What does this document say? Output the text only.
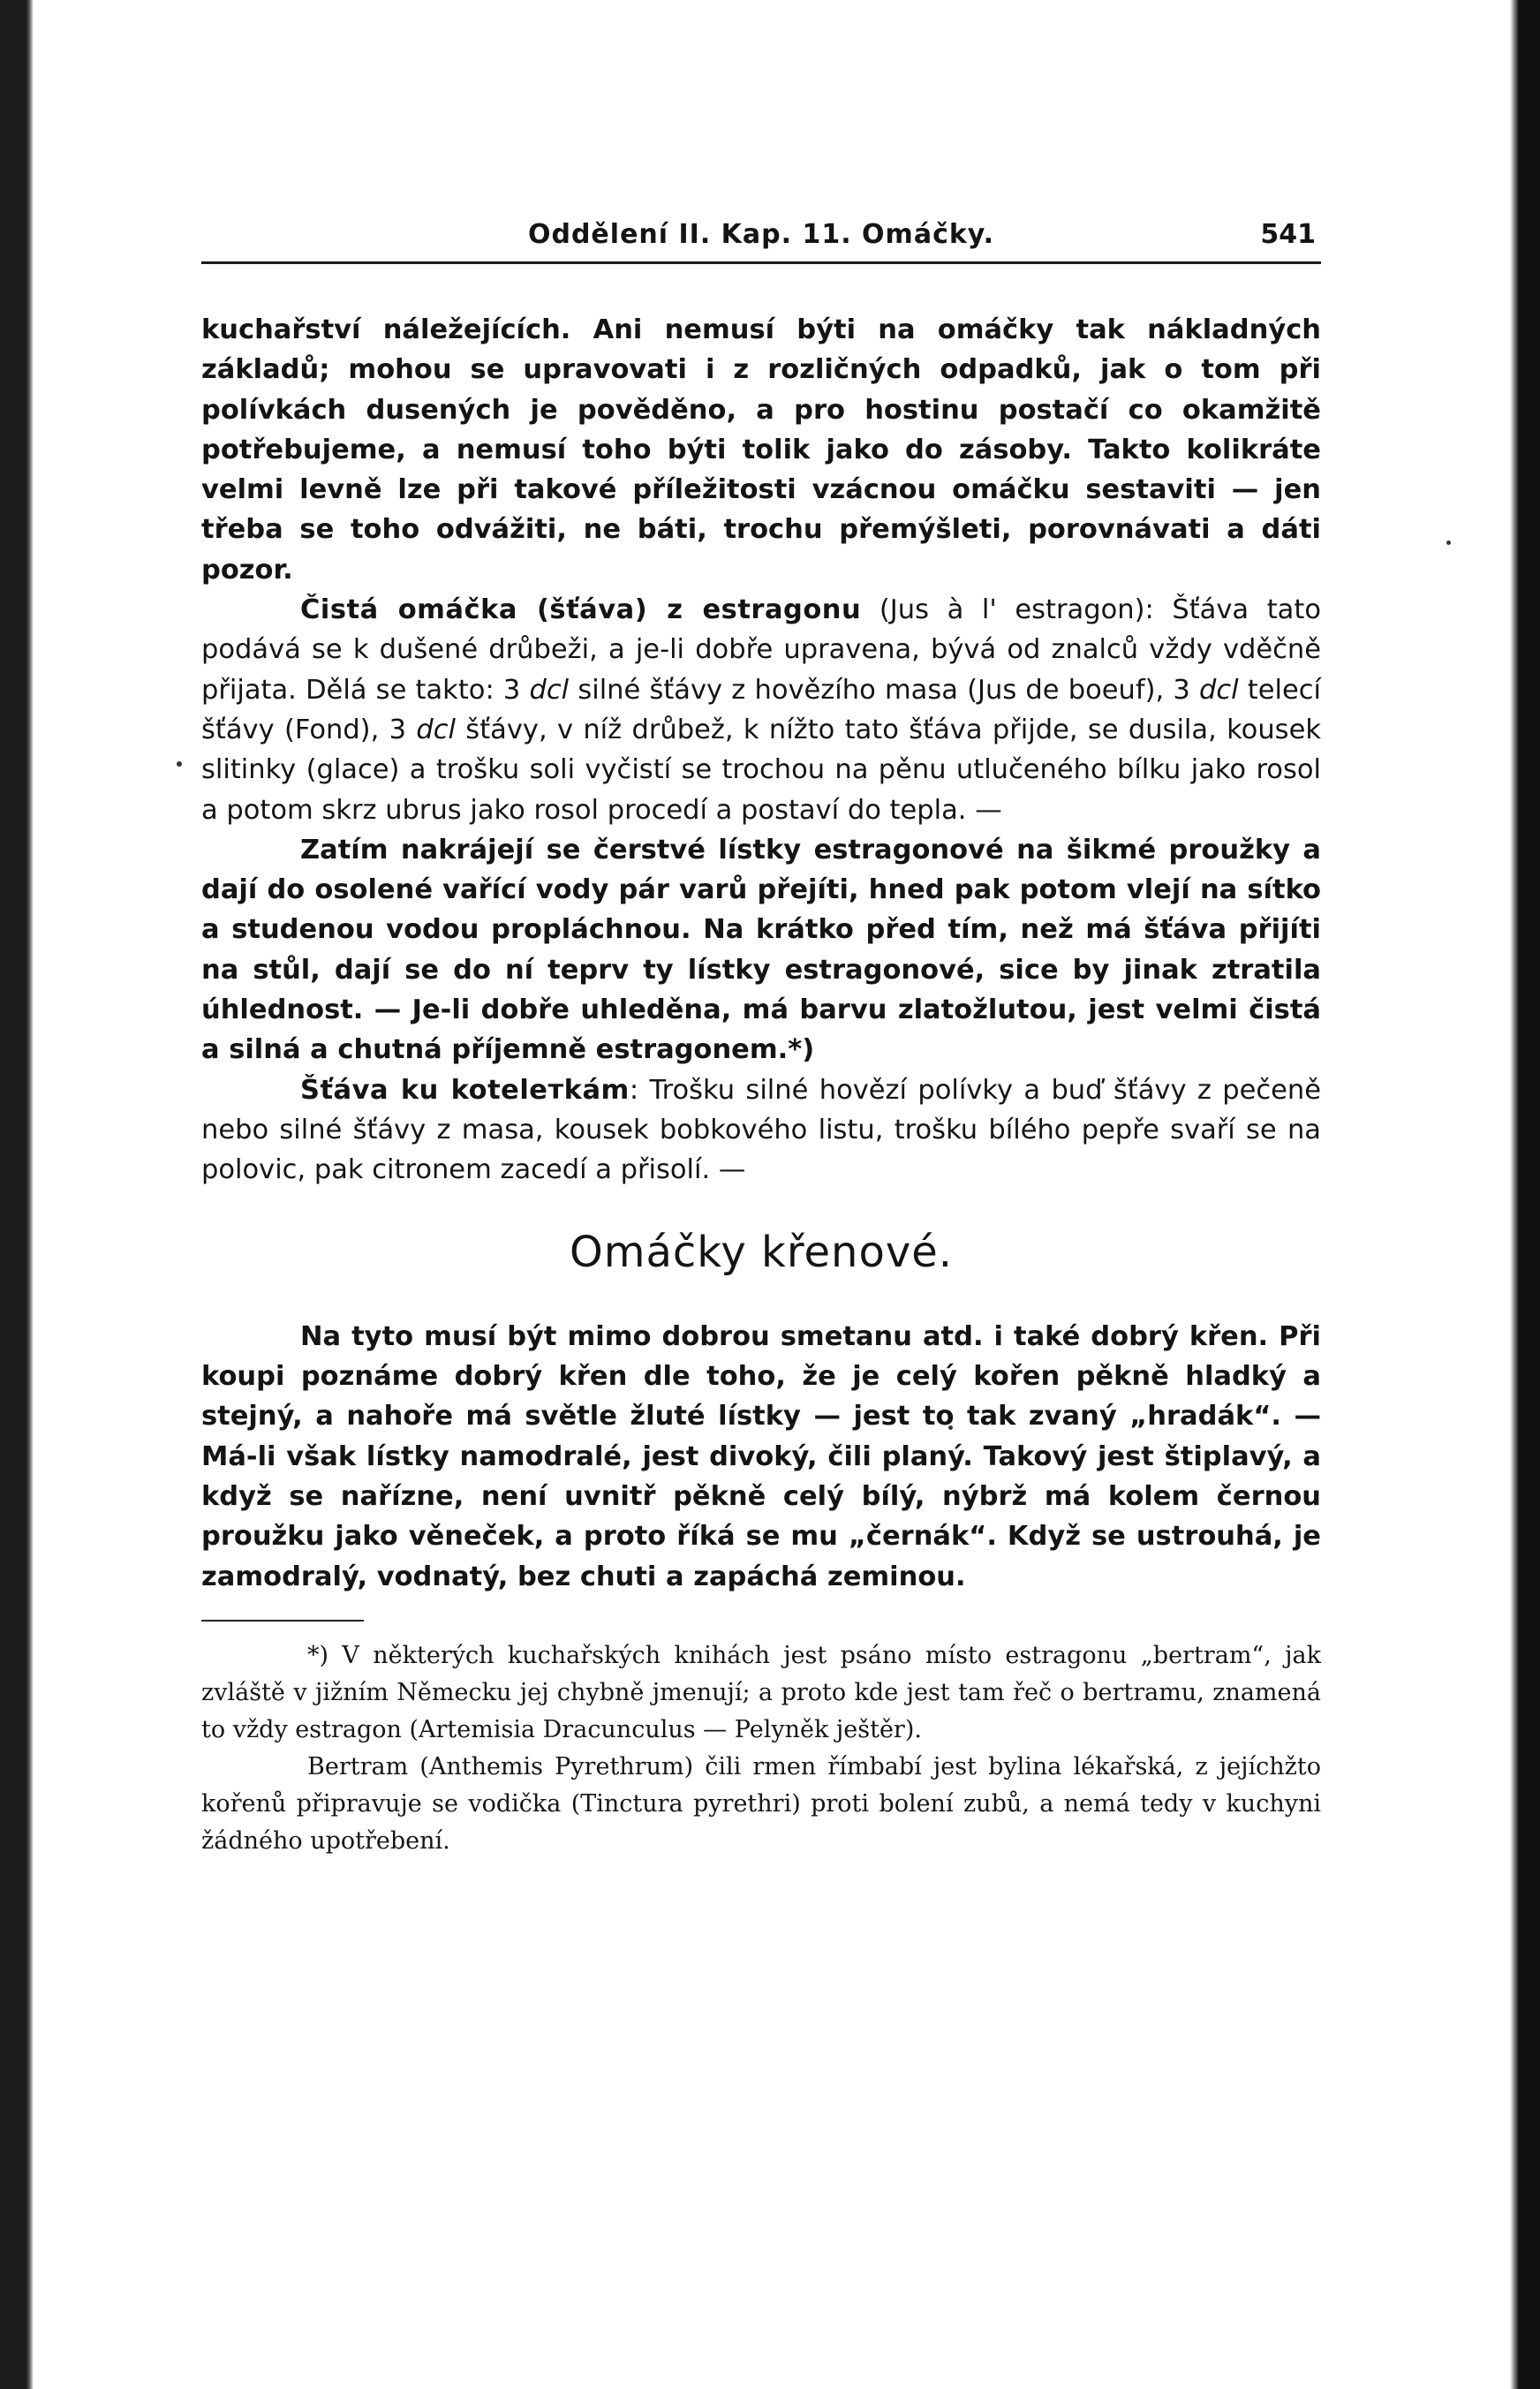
Oddělení II. Kap. 11. Omáčky.	541

kuchařství náležejících. Ani nemusí býti na omáčky tak nákladných základů; mohou se upravovati i z rozličných odpadků, jak o tom při polívkách dusených je pověděno, a pro hostinu postačí co okamžitě potřebujeme, a nemusí toho býti tolik jako do zásoby. Takto kolikráte velmi levně lze při takové příležitosti vzácnou omáčku sestaviti — jen třeba se toho odvážiti, ne báti, trochu přemýšleti, porovnávati a dáti pozor.

Čistá omáčka (šťáva) z estragonu (Jus à l' estragon): Šťáva tato podává se k dušené drůbeži, a je-li dobře upravena, bývá od znalců vždy vděčně přijata. Dělá se takto: 3 dcl silné šťávy z hovězího masa (Jus de boeuf), 3 dcl telecí šťávy (Fond), 3 dcl šťávy, v níž drůbež, k nížto tato šťáva přijde, se dusila, kousek slitinky (glace) a trošku soli vyčistí se trochou na pěnu utlučeného bílku jako rosol a potom skrz ubrus jako rosol procedí a postaví do tepla. —

Zatím nakrájejí se čerstvé lístky estragonové na šikmé proužky a dají do osolené vařící vody pár varů přejíti, hned pak potom vlejí na sítko a studenou vodou propláchnou. Na krátko před tím, než má šťáva přijíti na stůl, dají se do ní teprv ty lístky estragonové, sice by jinak ztratila úhlednost. — Je-li dobře uhleděna, má barvu zlatožlutou, jest velmi čistá a silná a chutná příjemně estragonem.*)

Šťáva ku kotelетkám: Trošku silné hovězí polívky a buď šťávy z pečeně nebo silné šťávy z masa, kousek bobkového listu, trošku bílého pepře svaří se na polovic, pak citronem zacedí a přisolí. —

Omáčky křenové.

Na tyto musí být mimo dobrou smetanu atd. i také dobrý křen. Při koupi poznáme dobrý křen dle toho, že je celý kořen pěkně hladký a stejný, a nahoře má světle žluté lístky — jest to tak zvaný „hradák“. — Má-li však lístky namodralé, jest divoký, čili planý. Takový jest štiplavý, a když se nařízne, není uvnitř pěkně celý bílý, nýbrž má kolem černou proužku jako věneček, a proto říká se mu „černák“. Když se ustrouhá, je zamodralý, vodnatý, bez chuti a zapáchá zeminou.

*) V některých kuchařských knihách jest psáno místo estragonu „bertram“, jak zvláště v jižním Německu jej chybně jmenují; a proto kde jest tam řeč o bertramu, znamená to vždy estragon (Artemisia Dracunculus — Pelyněk ještěr).

Bertram (Anthemis Pyrethrum) čili rmen římbabí jest bylina lékařská, z jejíchžto kořenů připravuje se vodička (Tinctura pyrethri) proti bolení zubů, a nemá tedy v kuchyni žádného upotřebení.
